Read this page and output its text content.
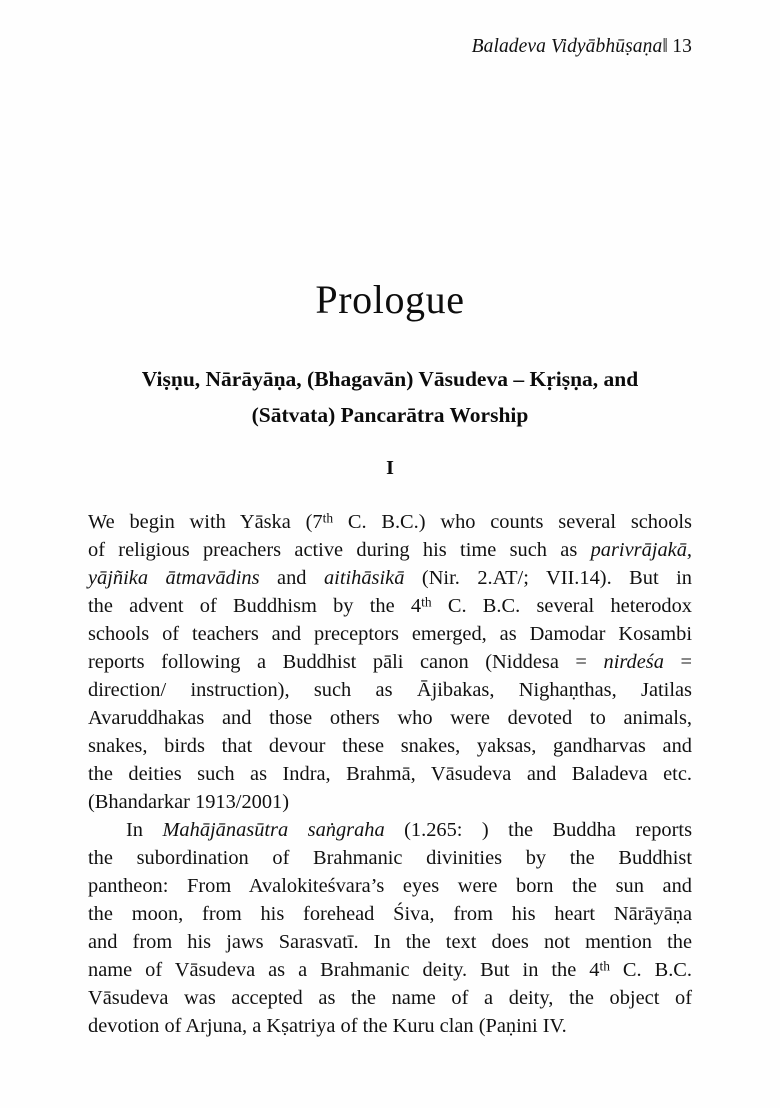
Baladeva Vidyābhūṣaṇa‖ 13
Prologue
Viṣṇu, Nārāyāṇa, (Bhagavān) Vāsudeva – Kṛiṣṇa, and
(Sātvata) Pancarātra Worship
I

We begin with Yāska (7th C. B.C.) who counts several schools
of religious preachers active during his time such as parivrājakā,
yājñika ātmavādins and aitihāsikā (Nir. 2.AT/; VII.14). But in
the advent of Buddhism by the 4th C. B.C. several heterodox
schools of teachers and preceptors emerged, as Damodar Kosambi
reports following a Buddhist pāli canon (Niddesa = nirdeśa =
direction/ instruction), such as Ājibakas, Nighaṇthas, Jatilas
Avaruddhakas and those others who were devoted to animals,
snakes, birds that devour these snakes, yaksas, gandharvas and
the deities such as Indra, Brahmā, Vāsudeva and Baladeva etc.
(Bhandarkar 1913/2001)

In Mahājānasūtra saṅgraha (1.265: ) the Buddha reports
the subordination of Brahmanic divinities by the Buddhist
pantheon: From Avalokiteśvara’s eyes were born the sun and
the moon, from his forehead Śiva, from his heart Nārāyāṇa
and from his jaws Sarasvatī. In the text does not mention the
name of Vāsudeva as a Brahmanic deity. But in the 4th C. B.C.
Vāsudeva was accepted as the name of a deity, the object of
devotion of Arjuna, a Kṣatriya of the Kuru clan (Paṇini IV.
